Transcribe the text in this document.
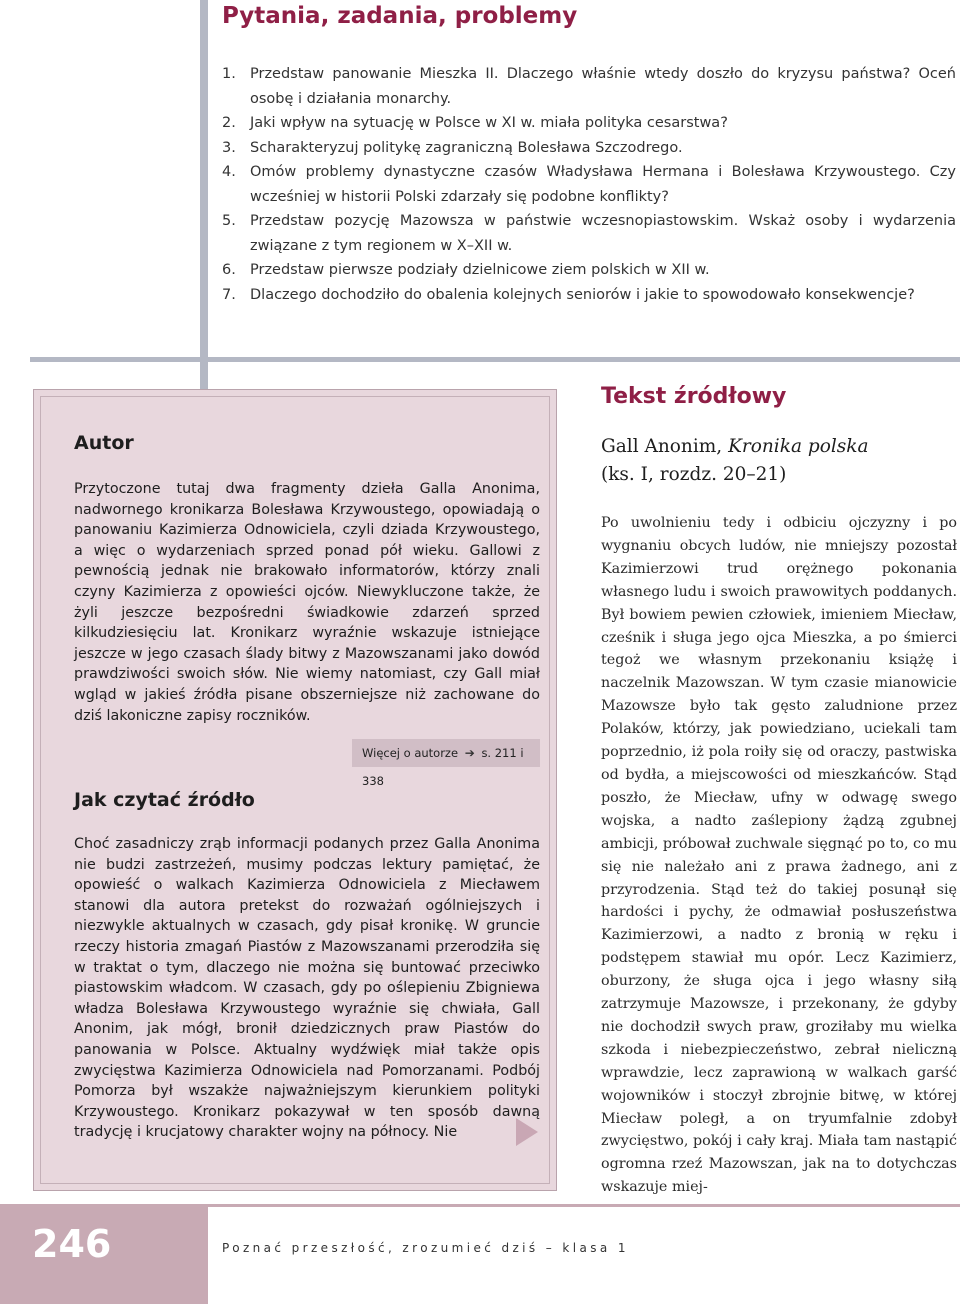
Pytania, zadania, problemy
1. Przedstaw panowanie Mieszka II. Dlaczego właśnie wtedy doszło do kryzysu państwa? Oceń osobę i działania monarchy.
2. Jaki wpływ na sytuację w Polsce w XI w. miała polityka cesarstwa?
3. Scharakteryzuj politykę zagraniczną Bolesława Szczodrego.
4. Omów problemy dynastyczne czasów Władysława Hermana i Bolesława Krzywoustego. Czy wcześniej w historii Polski zdarzały się podobne konflikty?
5. Przedstaw pozycję Mazowsza w państwie wczesnopiastowskim. Wskaż osoby i wydarzenia związane z tym regionem w X–XII w.
6. Przedstaw pierwsze podziały dzielnicowe ziem polskich w XII w.
7. Dlaczego dochodziło do obalenia kolejnych seniorów i jakie to spowodowało konsekwencje?
Autor

Przytoczone tutaj dwa fragmenty dzieła Galla Anonima, nadwornego kronikarza Bolesława Krzywoustego, opowiadają o panowaniu Kazimierza Odnowiciela, czyli dziada Krzywoustego, a więc o wydarzeniach sprzed ponad pół wieku. Gallowi z pewnością jednak nie brakowało informatorów, którzy znali czyny Kazimierza z opowieści ojców. Niewykluczone także, że żyli jeszcze bezpośredni świadkowie zdarzeń sprzed kilkudziesięciu lat. Kronikarz wyraźnie wskazuje istniejące jeszcze w jego czasach ślady bitwy z Mazowszanami jako dowód prawdziwości swoich słów. Nie wiemy natomiast, czy Gall miał wgląd w jakieś źródła pisane obszerniejsze niż zachowane do dziś lakoniczne zapisy roczników.

Więcej o autorze ➔ s. 211 i 338
Jak czytać źródło

Choć zasadniczy zrąb informacji podanych przez Galla Anonima nie budzi zastrzeżeń, musimy podczas lektury pamiętać, że opowieść o walkach Kazimierza Odnowiciela z Miecławem stanowi dla autora pretekst do rozważań ogólniejszych i niezwykle aktualnych w czasach, gdy pisał kronikę. W gruncie rzeczy historia zmagań Piastów z Mazowszanami przerodziła się w traktat o tym, dlaczego nie można się buntować przeciwko piastowskim władcom. W czasach, gdy po oślepieniu Zbigniewa władza Bolesława Krzywoustego wyraźnie się chwiała, Gall Anonim, jak mógł, bronił dziedzicznych praw Piastów do panowania w Polsce. Aktualny wydźwięk miał także opis zwycięstwa Kazimierza Odnowiciela nad Pomorzanami. Podbój Pomorza był wszakże najważniejszym kierunkiem polityki Krzywoustego. Kronikarz pokazywał w ten sposób dawną tradycję i krucjatowy charakter wojny na północy. Nie

Tekst źródłowy

Gall Anonim, Kronika polska
(ks. I, rozdz. 20–21)

Po uwolnieniu tedy i odbiciu ojczyzny i po wygnaniu obcych ludów, nie mniejszy pozostał Kazimierzowi trud orężnego pokonania własnego ludu i swoich prawowitych poddanych. Był bowiem pewien człowiek, imieniem Miecław, cześnik i sługa jego ojca Mieszka, a po śmierci tegoż we własnym przekonaniu książę i naczelnik Mazowszan. W tym czasie mianowicie Mazowsze było tak gęsto zaludnione przez Polaków, którzy, jak powiedziano, uciekali tam poprzednio, iż pola roiły się od oraczy, pastwiska od bydła, a miejscowości od mieszkańców. Stąd poszło, że Miecław, ufny w odwagę swego wojska, a nadto zaślepiony żądzą zgubnej ambicji, próbował zuchwale sięgnąć po to, co mu się nie należało ani z prawa żadnego, ani z przyrodzenia. Stąd też do takiej posunął się hardości i pychy, że odmawiał posłuszeństwa Kazimierzowi, a nadto z bronią w ręku i podstępem stawiał mu opór. Lecz Kazimierz, oburzony, że sługa ojca i jego własny siłą zatrzymuje Mazowsze, i przekonany, że gdyby nie dochodził swych praw, groziłaby mu wielka szkoda i niebezpieczeństwo, zebrał nieliczną wprawdzie, lecz zaprawioną w walkach garść wojowników i stoczył zbrojnie bitwę, w której Miecław poległ, a on tryumfalnie zdobył zwycięstwo, pokój i cały kraj. Miała tam nastąpić ogromna rzeź Mazowszan, jak na to dotychczas wskazuje miej-

246	Poznać przeszłość, zrozumieć dziś – klasa 1
